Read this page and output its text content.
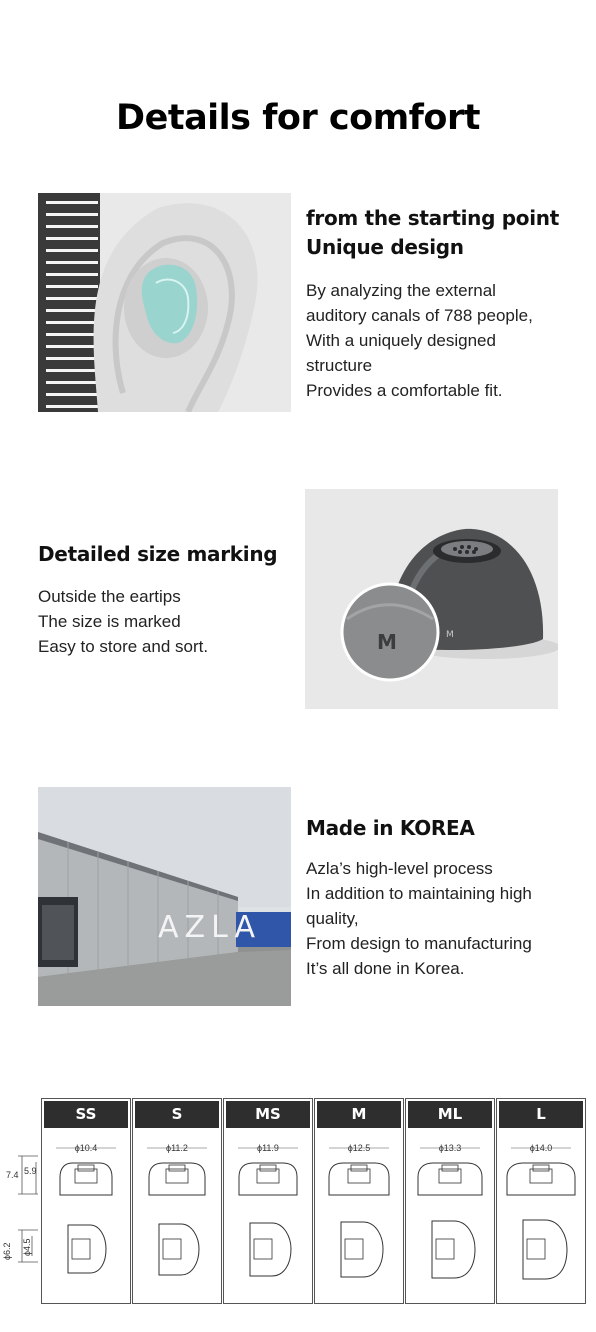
Details for comfort
from the starting point
Unique design
By analyzing the external
auditory canals of 788 people,
With a uniquely designed
structure
Provides a comfortable fit.
Detailed size marking
Outside the eartips
The size is marked
Easy to store and sort.
M
M
AZLA
Made in KOREA
Azla’s high-level process
In addition to maintaining high
quality,
From design to manufacturing
It’s all done in Korea.
7.4 5.9
ϕ6.2 ϕ4.5
SS
ϕ10.4
S
ϕ11.2
MS
ϕ11.9
M
ϕ12.5
ML
ϕ13.3
L
ϕ14.0
